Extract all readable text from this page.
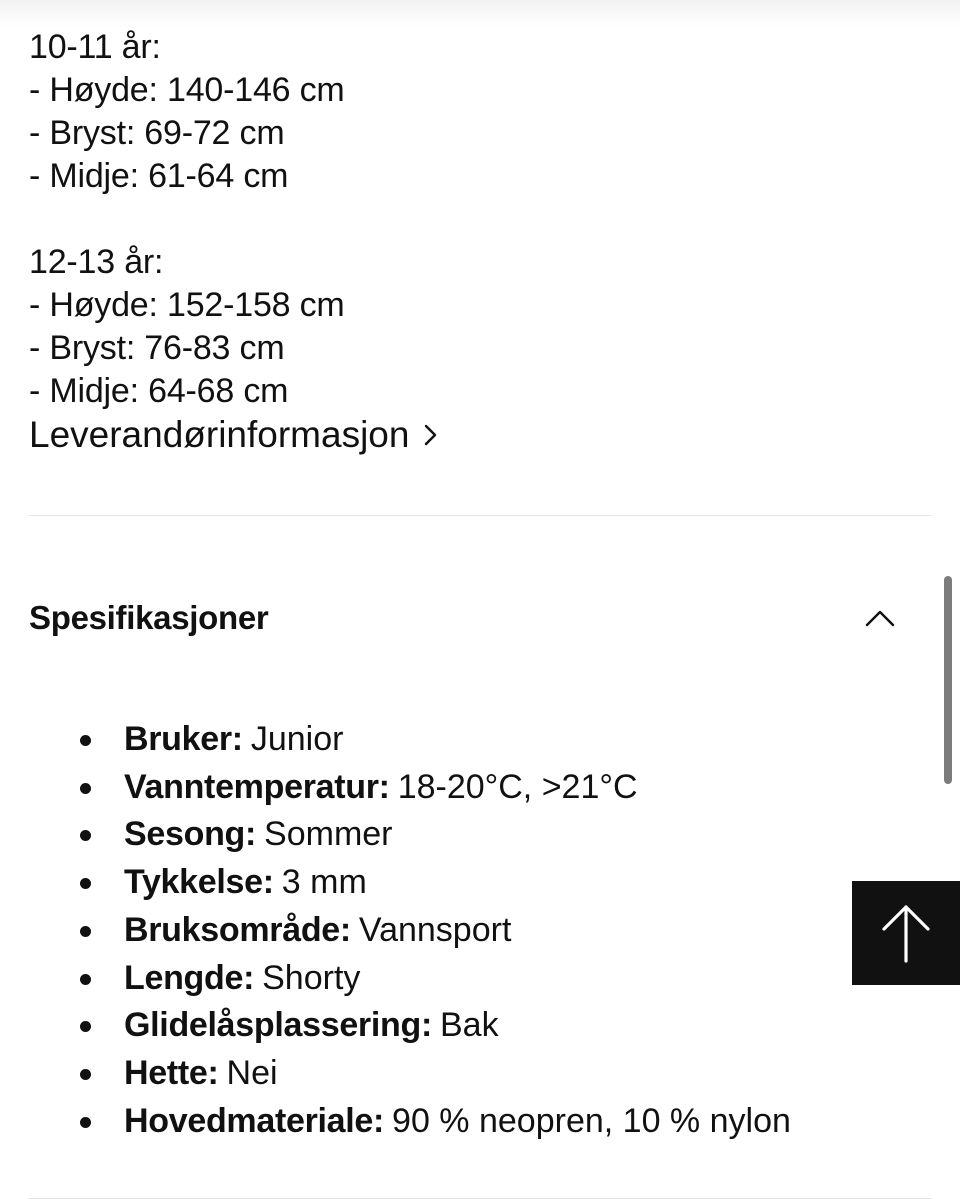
10-11 år:
- Høyde: 140-146 cm
- Bryst: 69-72 cm
- Midje: 61-64 cm
12-13 år:
- Høyde: 152-158 cm
- Bryst: 76-83 cm
- Midje: 64-68 cm
Leverandørinformasjon
Spesifikasjoner
Bruker: Junior
Vanntemperatur: 18-20°C, >21°C
Sesong: Sommer
Tykkelse: 3 mm
Bruksområde: Vannsport
Lengde: Shorty
Glidelåsplassering: Bak
Hette: Nei
Hovedmateriale: 90 % neopren, 10 % nylon
